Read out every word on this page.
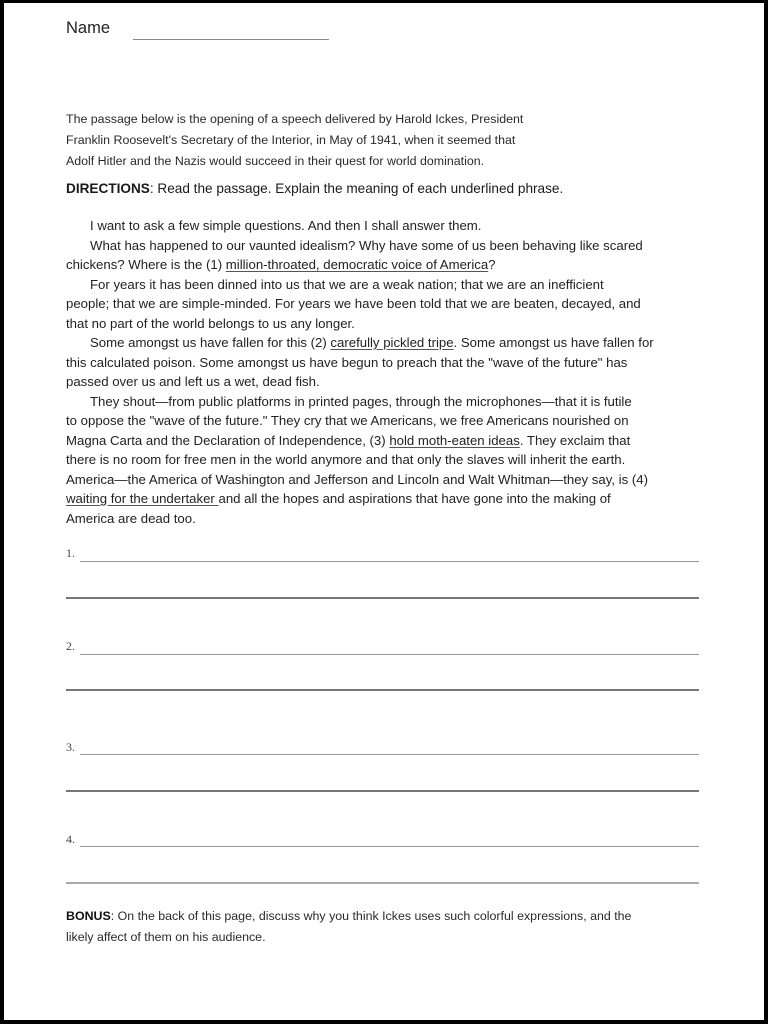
Name
The passage below is the opening of a speech delivered by Harold Ickes, President
Franklin Roosevelt's Secretary of the Interior, in May of 1941, when it seemed that
Adolf Hitler and the Nazis would succeed in their quest for world domination.
DIRECTIONS: Read the passage. Explain the meaning of each underlined phrase.
I want to ask a few simple questions. And then I shall answer them.
What has happened to our vaunted idealism? Why have some of us been behaving like scared
chickens? Where is the (1) million-throated, democratic voice of America?
For years it has been dinned into us that we are a weak nation; that we are an inefficient
people; that we are simple-minded. For years we have been told that we are beaten, decayed, and
that no part of the world belongs to us any longer.
Some amongst us have fallen for this (2) carefully pickled tripe. Some amongst us have fallen for
this calculated poison. Some amongst us have begun to preach that the "wave of the future" has
passed over us and left us a wet, dead fish.
They shout—from public platforms in printed pages, through the microphones—that it is futile
to oppose the "wave of the future." They cry that we Americans, we free Americans nourished on
Magna Carta and the Declaration of Independence, (3) hold moth-eaten ideas. They exclaim that
there is no room for free men in the world anymore and that only the slaves will inherit the earth.
America—the America of Washington and Jefferson and Lincoln and Walt Whitman—they say, is (4)
waiting for the undertaker and all the hopes and aspirations that have gone into the making of
America are dead too.
1.
2.
3.
4.
BONUS: On the back of this page, discuss why you think Ickes uses such colorful expressions, and the
likely affect of them on his audience.
